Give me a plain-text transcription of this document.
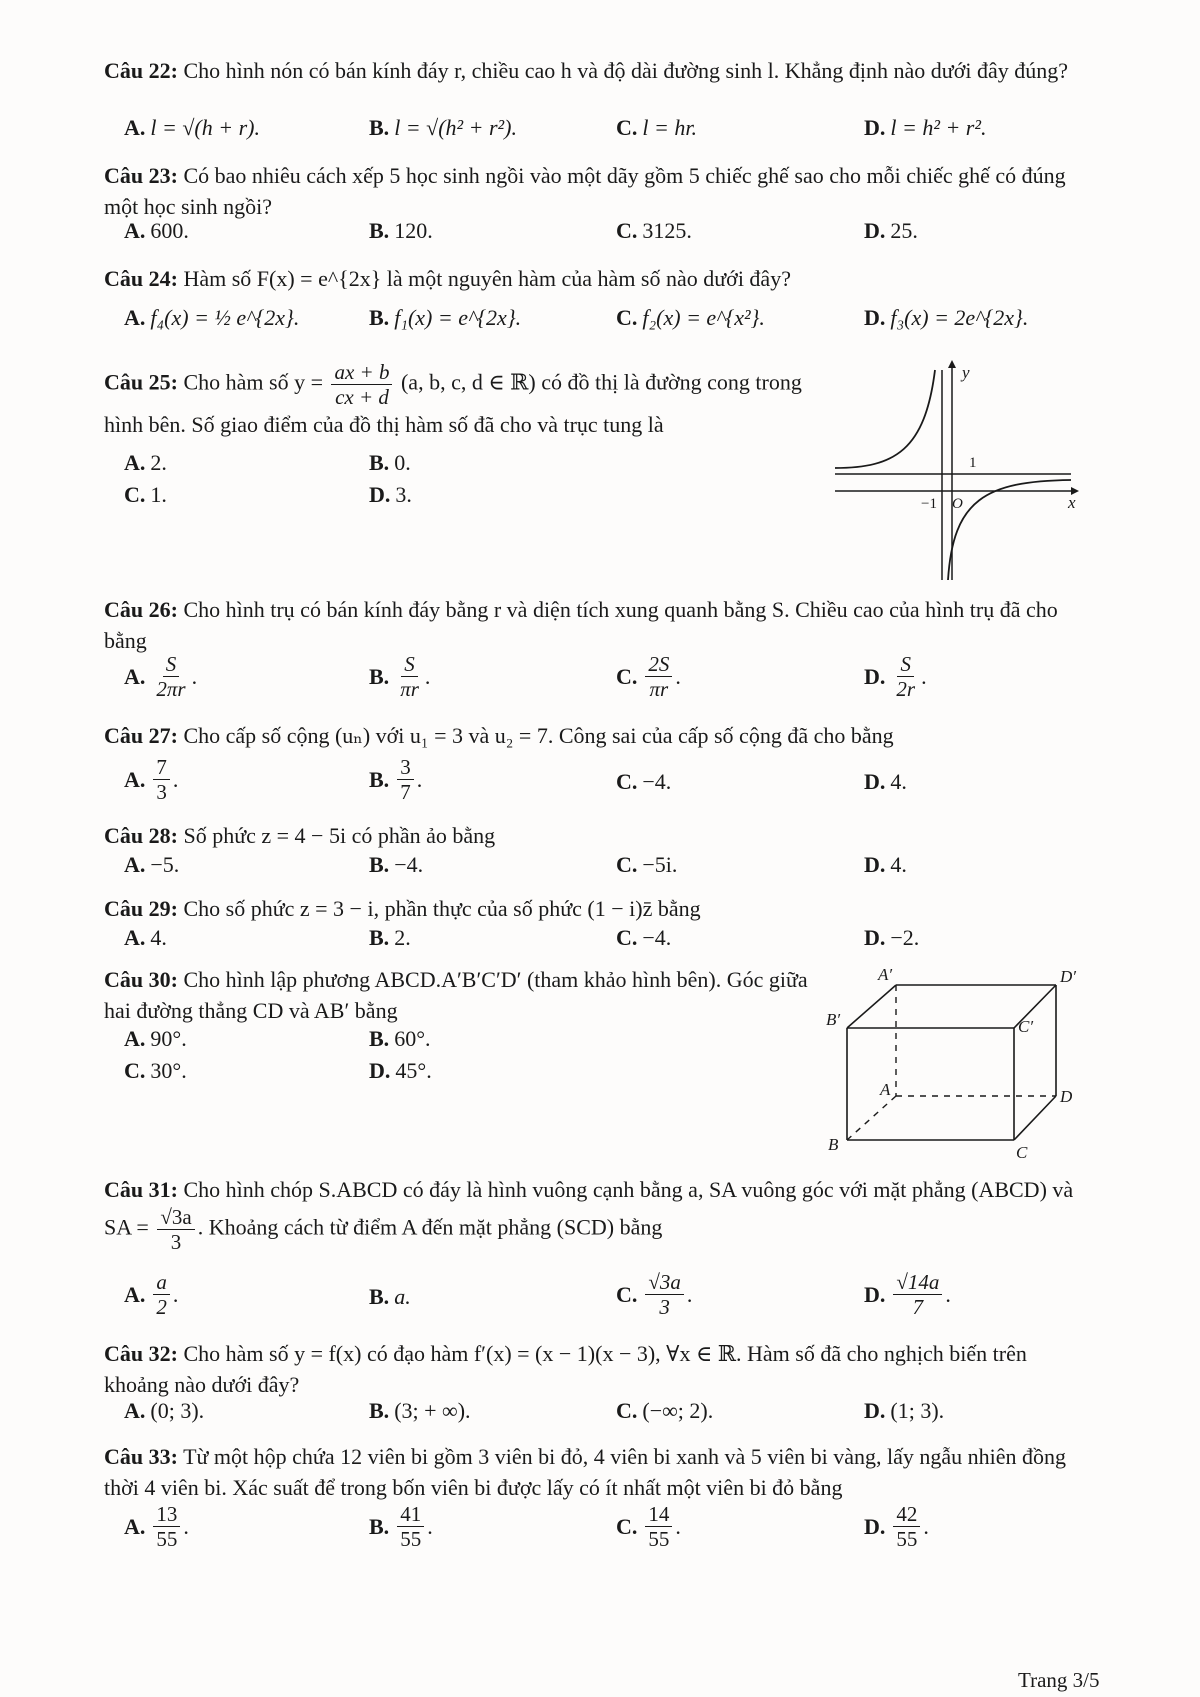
Câu 22: Cho hình nón có bán kính đáy r, chiều cao h và độ dài đường sinh l. Khẳng định nào dưới đây đúng?
A. l = √(h + r).	B. l = √(h² + r²).	C. l = hr.	D. l = h² + r².
Câu 23: Có bao nhiêu cách xếp 5 học sinh ngồi vào một dãy gồm 5 chiếc ghế sao cho mỗi chiếc ghế có đúng một học sinh ngồi?
A. 600.	B. 120.	C. 3125.	D. 25.
Câu 24: Hàm số F(x) = e^{2x} là một nguyên hàm của hàm số nào dưới đây?
A. f₄(x) = ½ e^{2x}.	B. f₁(x) = e^{2x}.	C. f₂(x) = e^{x²}.	D. f₃(x) = 2e^{2x}.
Câu 25: Cho hàm số $y = \frac{ax + b}{cx + d} (a$, b, c, d ∈ ℝ) có đồ thị là đường cong trong hình bên. Số giao điểm của đồ thị hàm số đã cho và trục tung là
A. 2.	B. 0.
C. 1.	D. 3.
y
x
1
−1 O
Câu 26: Cho hình trụ có bán kính đáy bằng r và diện tích xung quanh bằng S. Chiều cao của hình trụ đã cho bằng
A. $\frac{S}{2\pi r}$ .	B. $\frac{S}{\pi r}$ .	C. $\frac{2S}{\pi r}$ .	D. $\frac{S}{2r}$ .
Câu 27: Cho cấp số cộng (uₙ) với u₁ = 3 và u₂ = 7. Công sai của cấp số cộng đã cho bằng
A. $\frac{7}{3}$ .	B. $\frac{3}{7}$ .	C. −4.	D. 4.
Câu 28: Số phức z = 4 − 5i có phần ảo bằng
A. −5.	B. −4.	C. −5i.	D. 4.
Câu 29: Cho số phức z = 3 − i, phần thực của số phức (1 − i)z̄ bằng
A. 4.	B. 2.	C. −4.	D. −2.
Câu 30: Cho hình lập phương ABCD.A′B′C′D′ (tham khảo hình bên). Góc giữa hai đường thẳng CD và AB′ bằng
A. 90°.	B. 60°.
C. 30°.	D. 45°.
A′	D′
B′	C′
A	D
B	C
Câu 31: Cho hình chóp S.ABCD có đáy là hình vuông cạnh bằng a, SA vuông góc với mặt phẳng (ABCD) và SA = $\frac{√3a}{3}$ . Khoảng cách từ điểm A đến mặt phẳng (SCD) bằng
A. $\frac{a}{2}$ .	B. a.	C. $\frac{√3a}{3}$ .	D. $\frac{√14a}{7}$ .
Câu 32: Cho hàm số y = f(x) có đạo hàm f′(x) = (x − 1)(x − 3), ∀x ∈ ℝ. Hàm số đã cho nghịch biến trên khoảng nào dưới đây?
A. (0; 3).	B. (3; + ∞).	C. (−∞; 2).	D. (1; 3).
Câu 33: Từ một hộp chứa 12 viên bi gồm 3 viên bi đỏ, 4 viên bi xanh và 5 viên bi vàng, lấy ngẫu nhiên đồng thời 4 viên bi. Xác suất để trong bốn viên bi được lấy có ít nhất một viên bi đỏ bằng
A. $\frac{13}{55}$ .	B. $\frac{41}{55}$ .	C. $\frac{14}{55}$ .	D. $\frac{42}{55}$ .
Trang 3/5
